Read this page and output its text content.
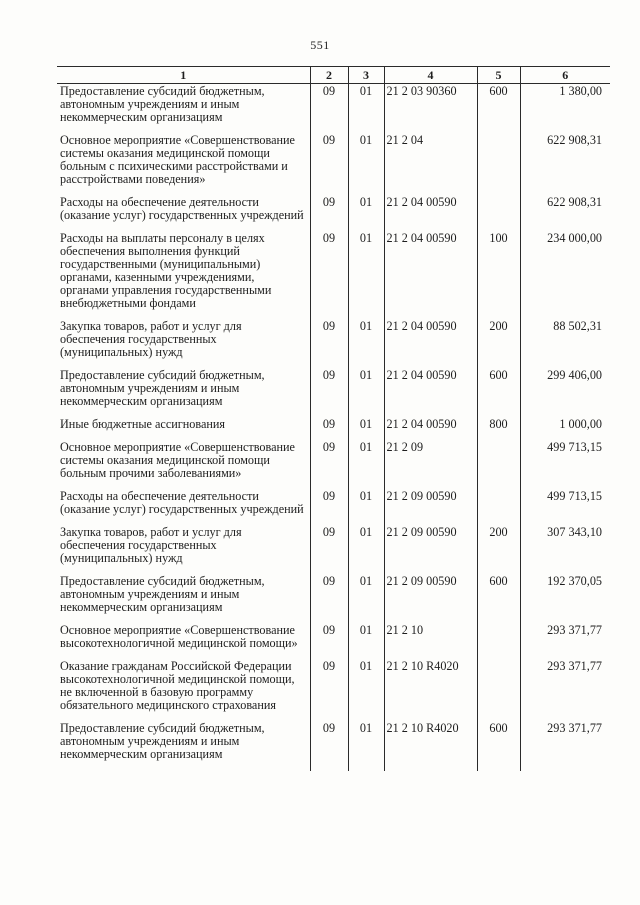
551
1	2	3	4	5	6
Предоставление субсидий бюджетным, автономным учреждениям и иным некоммерческим организациям	09	01	21 2 03 90360	600	1 380,00
Основное мероприятие «Совершенствование системы оказания медицинской помощи больным с психическими расстройствами и расстройствами поведения»	09	01	21 2 04		622 908,31
Расходы на обеспечение деятельности (оказание услуг) государственных учреждений	09	01	21 2 04 00590		622 908,31
Расходы на выплаты персоналу в целях обеспечения выполнения функций государственными (муниципальными) органами, казенными учреждениями, органами управления государственными внебюджетными фондами	09	01	21 2 04 00590	100	234 000,00
Закупка товаров, работ и услуг для обеспечения государственных (муниципальных) нужд	09	01	21 2 04 00590	200	88 502,31
Предоставление субсидий бюджетным, автономным учреждениям и иным некоммерческим организациям	09	01	21 2 04 00590	600	299 406,00
Иные бюджетные ассигнования	09	01	21 2 04 00590	800	1 000,00
Основное мероприятие «Совершенствование системы оказания медицинской помощи больным прочими заболеваниями»	09	01	21 2 09		499 713,15
Расходы на обеспечение деятельности (оказание услуг) государственных учреждений	09	01	21 2 09 00590		499 713,15
Закупка товаров, работ и услуг для обеспечения государственных (муниципальных) нужд	09	01	21 2 09 00590	200	307 343,10
Предоставление субсидий бюджетным, автономным учреждениям и иным некоммерческим организациям	09	01	21 2 09 00590	600	192 370,05
Основное мероприятие «Совершенствование высокотехнологичной медицинской помощи»	09	01	21 2 10		293 371,77
Оказание гражданам Российской Федерации высокотехнологичной медицинской помощи, не включенной в базовую программу обязательного медицинского страхования	09	01	21 2 10 R4020		293 371,77
Предоставление субсидий бюджетным, автономным учреждениям и иным некоммерческим организациям	09	01	21 2 10 R4020	600	293 371,77
